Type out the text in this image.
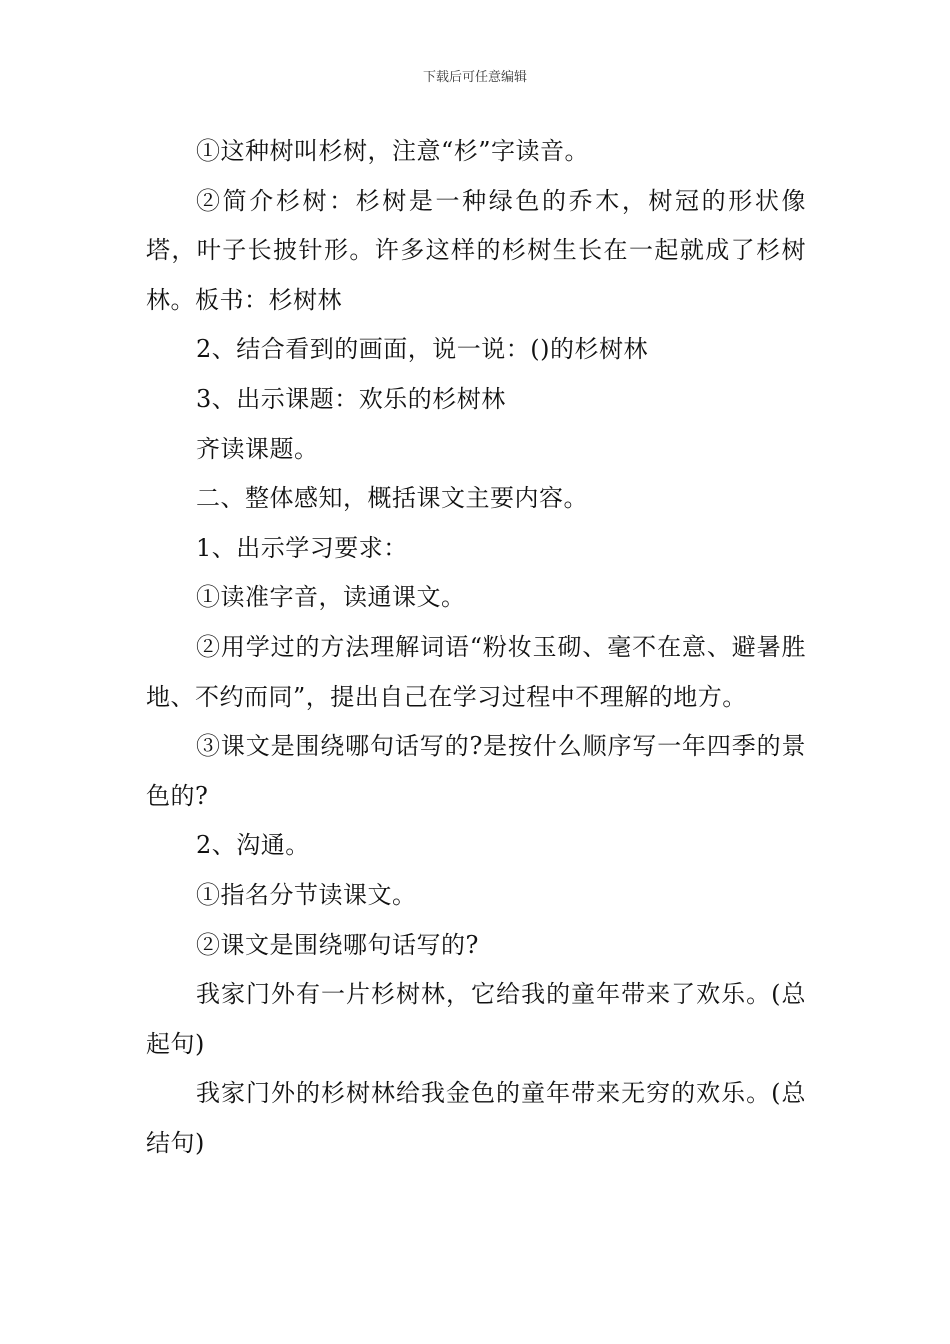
下载后可任意编辑

①这种树叫杉树，注意“杉”字读音。

②简介杉树：杉树是一种绿色的乔木，树冠的形状像塔，叶子长披针形。许多这样的杉树生长在一起就成了杉树林。板书：杉树林

2、结合看到的画面，说一说：()的杉树林

3、出示课题：欢乐的杉树林

齐读课题。

二、整体感知，概括课文主要内容。

1、出示学习要求：

①读准字音，读通课文。

②用学过的方法理解词语“粉妆玉砌、毫不在意、避暑胜地、不约而同”，提出自己在学习过程中不理解的地方。

③课文是围绕哪句话写的?是按什么顺序写一年四季的景色的?

2、沟通。

①指名分节读课文。

②课文是围绕哪句话写的?

我家门外有一片杉树林，它给我的童年带来了欢乐。(总起句)

我家门外的杉树林给我金色的童年带来无穷的欢乐。(总结句)
